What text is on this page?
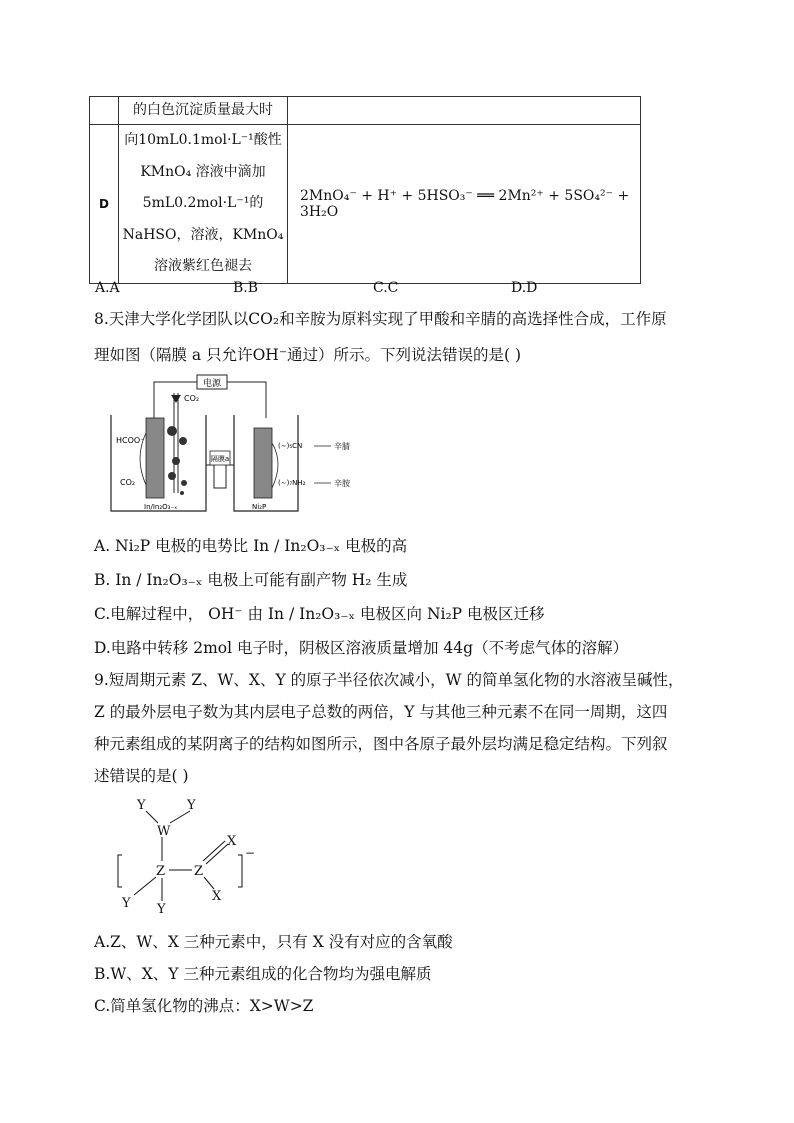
	的白色沉淀质量最大时	
D	向10mL0.1mol·L⁻¹酸性
KMnO₄ 溶液中滴加
5mL0.2mol·L⁻¹的
NaHSO，溶液，KMnO₄
溶液紫红色褪去	2MnO₄⁻ + H⁺ + 5HSO₃⁻ ══ 2Mn²⁺ + 5SO₄²⁻ + 3H₂O
A.A	B.B	C.C	D.D
8.天津大学化学团队以CO₂和辛胺为原料实现了甲酸和辛腈的高选择性合成，工作原
理如图（隔膜 a 只允许OH⁻通过）所示。下列说法错误的是( )
电源
CO₂
隔膜a
HCOO⁻
CO₂
In/In₂O₃₋ₓ	Ni₂P
(∼)₅CN
(∼)₇NH₂
辛腈
辛胺
A. Ni₂P 电极的电势比 In / In₂O₃₋ₓ 电极的高
B. In / In₂O₃₋ₓ 电极上可能有副产物 H₂ 生成
C.电解过程中， OH⁻ 由 In / In₂O₃₋ₓ 电极区向 Ni₂P 电极区迁移
D.电路中转移 2mol 电子时，阴极区溶液质量增加 44g（不考虑气体的溶解）
9.短周期元素 Z、W、X、Y 的原子半径依次减小，W 的简单氢化物的水溶液呈碱性，
Z 的最外层电子数为其内层电子总数的两倍，Y 与其他三种元素不在同一周期，这四
种元素组成的某阴离子的结构如图所示，图中各原子最外层均满足稳定结构。下列叙
述错误的是( )
Y	Y
W
X
Z Z
X
Y Y
−
A.Z、W、X 三种元素中，只有 X 没有对应的含氧酸
B.W、X、Y 三种元素组成的化合物均为强电解质
C.简单氢化物的沸点：X>W>Z
